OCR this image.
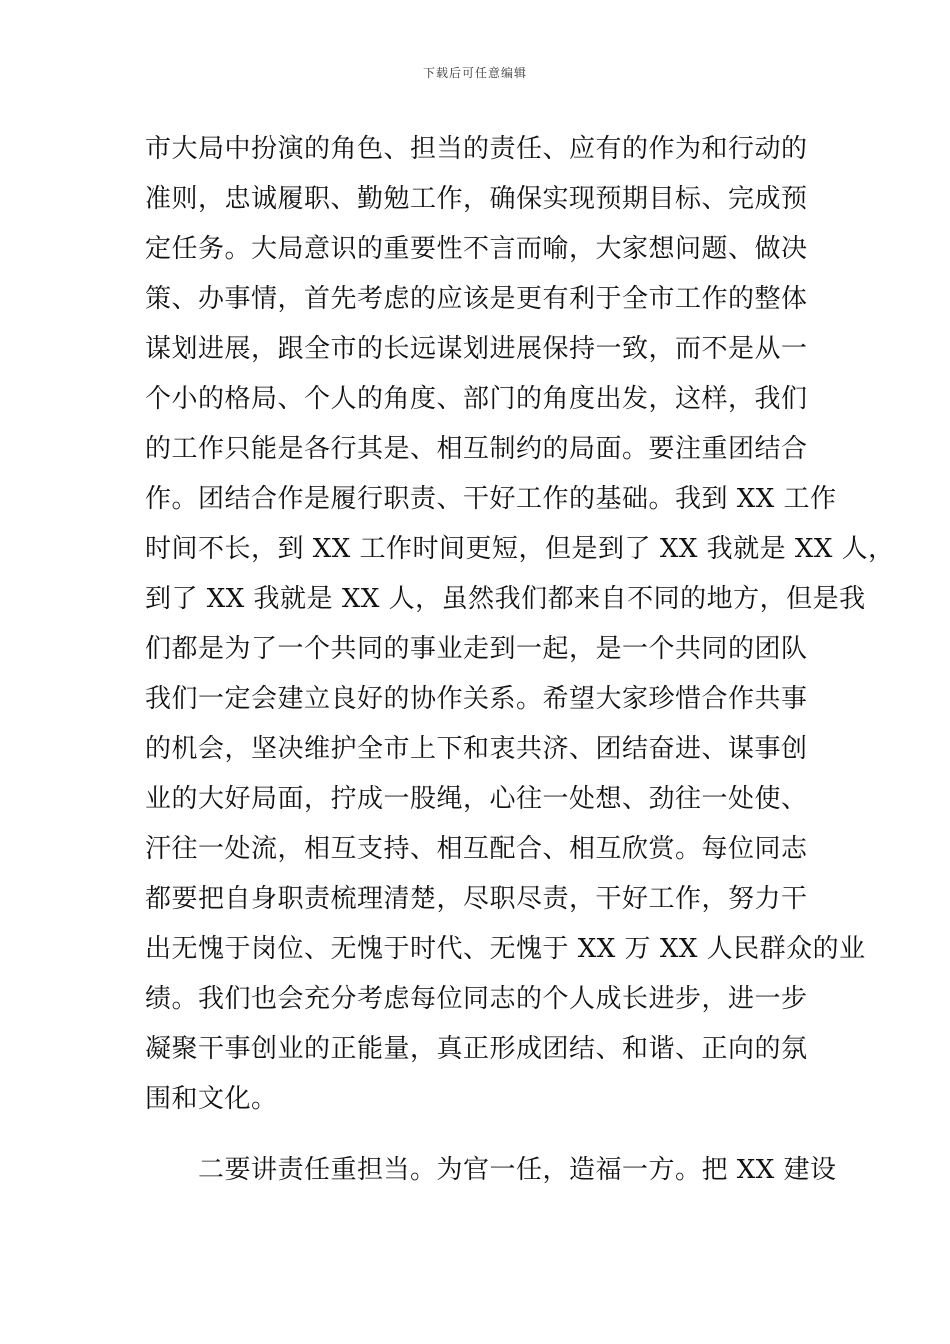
下载后可任意编辑
市大局中扮演的角色、担当的责任、应有的作为和行动的
准则，忠诚履职、勤勉工作，确保实现预期目标、完成预
定任务。大局意识的重要性不言而喻，大家想问题、做决
策、办事情，首先考虑的应该是更有利于全市工作的整体
谋划进展，跟全市的长远谋划进展保持一致，而不是从一
个小的格局、个人的角度、部门的角度出发，这样，我们
的工作只能是各行其是、相互制约的局面。要注重团结合
作。团结合作是履行职责、干好工作的基础。我到 XX 工作
时间不长，到 XX 工作时间更短，但是到了 XX 我就是 XX 人，
到了 XX 我就是 XX 人，虽然我们都来自不同的地方，但是我
们都是为了一个共同的事业走到一起，是一个共同的团队
我们一定会建立良好的协作关系。希望大家珍惜合作共事
的机会，坚决维护全市上下和衷共济、团结奋进、谋事创
业的大好局面，拧成一股绳，心往一处想、劲往一处使、
汗往一处流，相互支持、相互配合、相互欣赏。每位同志
都要把自身职责梳理清楚，尽职尽责，干好工作，努力干
出无愧于岗位、无愧于时代、无愧于 XX 万 XX 人民群众的业
绩。我们也会充分考虑每位同志的个人成长进步，进一步
凝聚干事创业的正能量，真正形成团结、和谐、正向的氛
围和文化。
　　二要讲责任重担当。为官一任，造福一方。把 XX 建设
